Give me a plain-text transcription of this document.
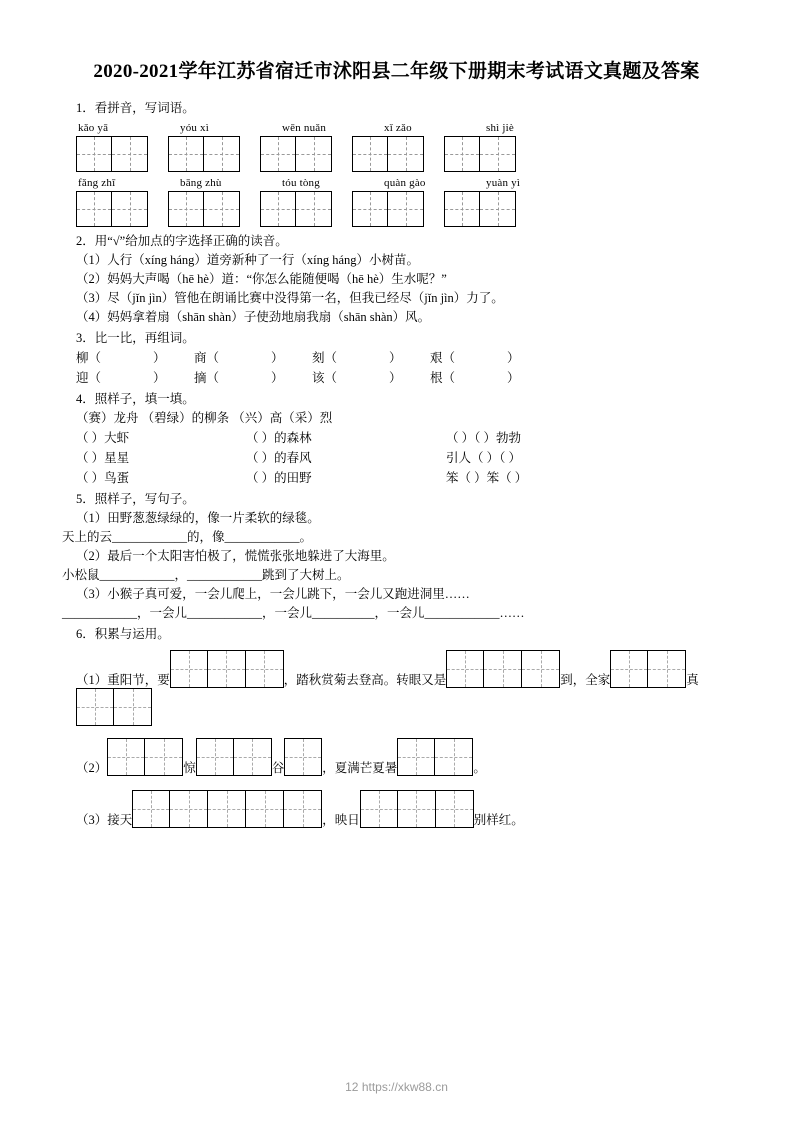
2020-2021学年江苏省宿迁市沭阳县二年级下册期末考试语文真题及答案
1．看拼音，写词语。
kǎo yā	yóu xì	wēn nuǎn	xǐ zǎo	shì jiè
fǎng zhī	bāng zhù	tóu tòng	quàn gào	yuàn yì
2．用“√”给加点的字选择正确的读音。
（1）人行（xíng háng）道旁新种了一行（xíng háng）小树苗。
（2）妈妈大声喝（hē hè）道：“你怎么能随便喝（hē hè）生水呢？”
（3）尽（jǐn jìn）管他在朗诵比赛中没得第一名，但我已经尽（jǐn jìn）力了。
（4）妈妈拿着扇（shān shàn）子使劲地扇我扇（shān shàn）风。
3．比一比，再组词。
柳（	）	商（	）	刻（	）	艰（	）
迎（	）	摘（	）	该（	）	根（	）
4．照样子，填一填。
（赛）龙舟 （碧绿）的柳条 （兴）高（采）烈
（ ）大虾	（ ）的森林	（ ）（ ）勃勃
（ ）星星	（ ）的春风	引人（ ）（ ）
（ ）鸟蛋	（ ）的田野	笨（ ）笨（ ）
5．照样子，写句子。
（1）田野葱葱绿绿的，像一片柔软的绿毯。
天上的云____________的，像____________。
（2）最后一个太阳害怕极了，慌慌张张地躲进了大海里。
小松鼠____________，____________跳到了大树上。
（3）小猴子真可爱，一会儿爬上，一会儿跳下，一会儿又跑进洞里……
____________，一会儿____________，一会儿__________，一会儿____________……
6．积累与运用。
（1）重阳节，要	，踏秋赏菊去登高。转眼又是	到，全家	真
（2）	惊	谷	，夏满芒夏暑	。
（3）接天	，映日	别样红。
12 https://xkw88.cn
